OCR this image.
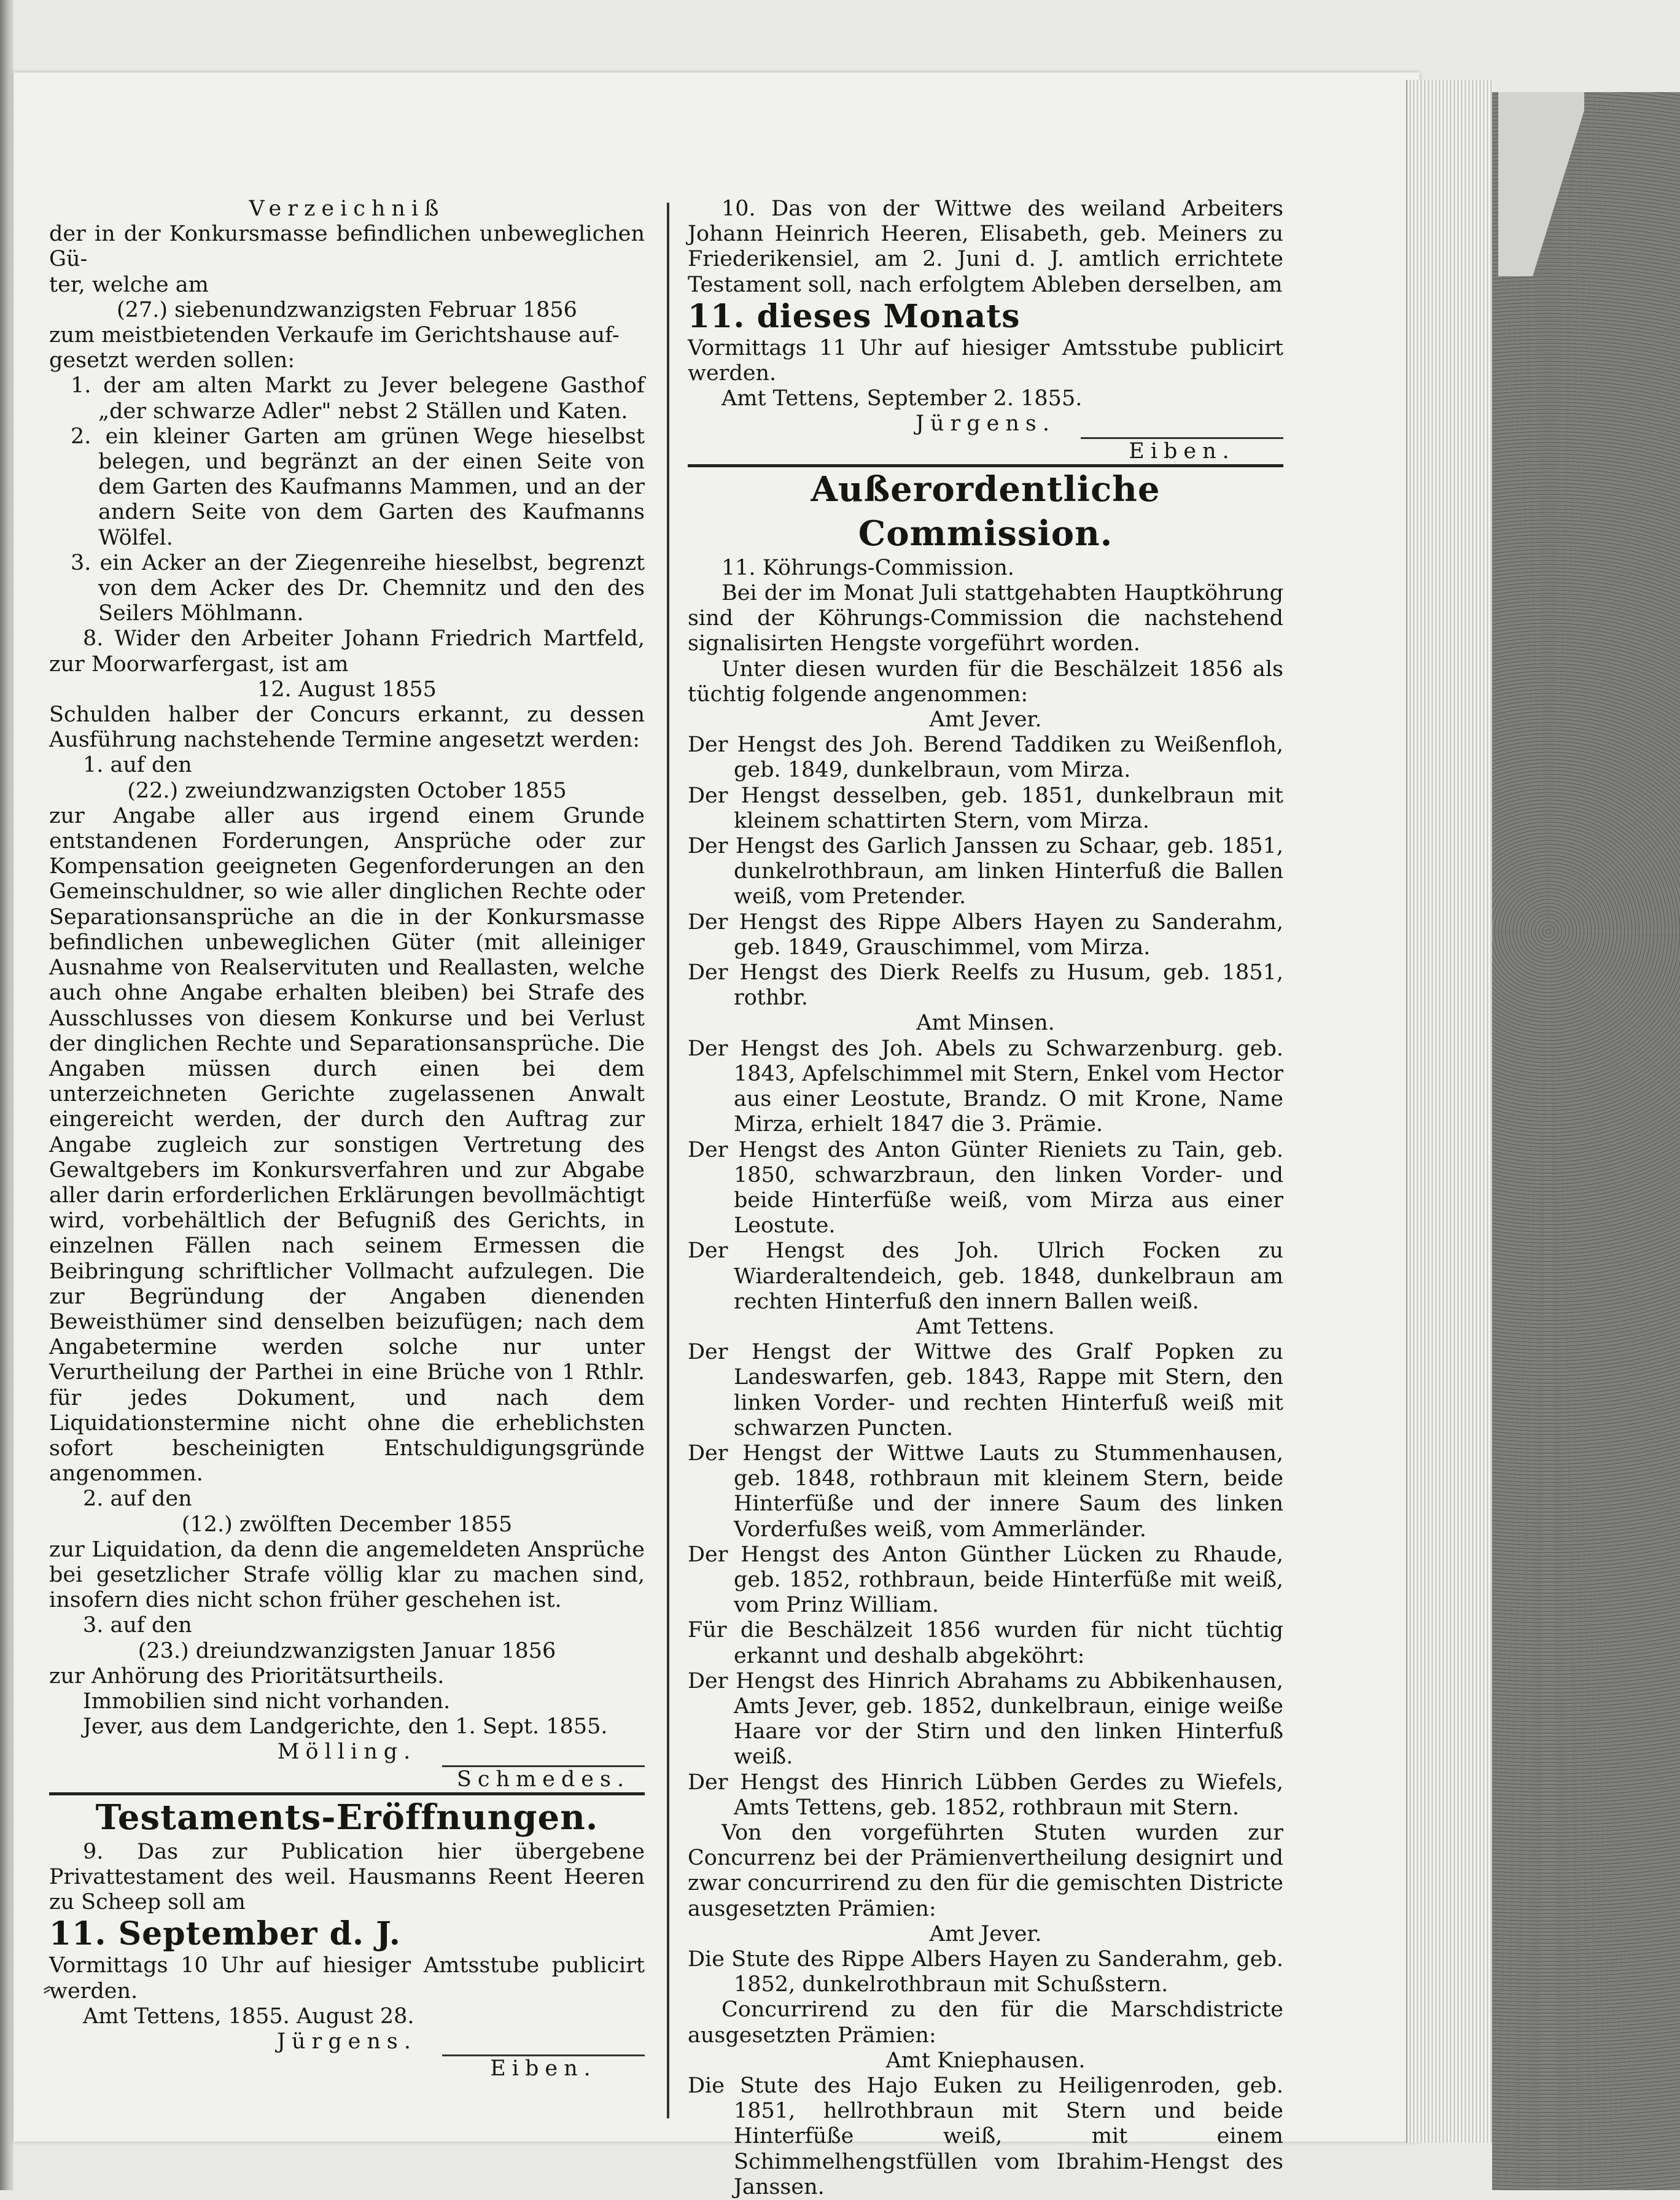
⸗

Verzeichniß

der in der Konkursmasse befindlichen unbeweglichen Gü-

ter, welche am

(27.) siebenundzwanzigsten Februar 1856

zum meistbietenden Verkaufe im Gerichtshause auf-

gesetzt werden sollen:

1. der am alten Markt zu Jever belegene Gasthof „der schwarze Adler" nebst 2 Ställen und Katen.

2. ein kleiner Garten am grünen Wege hieselbst belegen, und begränzt an der einen Seite von dem Garten des Kaufmanns Mammen, und an der andern Seite von dem Garten des Kaufmanns Wölfel.

3. ein Acker an der Ziegenreihe hieselbst, begrenzt von dem Acker des Dr. Chemnitz und den des Seilers Möhlmann.

8. Wider den Arbeiter Johann Friedrich Martfeld, zur Moorwarfergast, ist am

12. August 1855

Schulden halber der Concurs erkannt, zu dessen Ausführung nachstehende Termine angesetzt werden:

1. auf den

(22.) zweiundzwanzigsten October 1855

zur Angabe aller aus irgend einem Grunde entstandenen Forderungen, Ansprüche oder zur Kompensation geeigneten Gegenforderungen an den Gemeinschuldner, so wie aller dinglichen Rechte oder Separationsansprüche an die in der Konkursmasse befindlichen unbeweglichen Güter (mit alleiniger Ausnahme von Realservituten und Reallasten, welche auch ohne Angabe erhalten bleiben) bei Strafe des Ausschlusses von diesem Konkurse und bei Verlust der dinglichen Rechte und Separationsansprüche. Die Angaben müssen durch einen bei dem unterzeichneten Gerichte zugelassenen Anwalt eingereicht werden, der durch den Auftrag zur Angabe zugleich zur sonstigen Vertretung des Gewaltgebers im Konkursverfahren und zur Abgabe aller darin erforderlichen Erklärungen bevollmächtigt wird, vorbehältlich der Befugniß des Gerichts, in einzelnen Fällen nach seinem Ermessen die Beibringung schriftlicher Vollmacht aufzulegen. Die zur Begründung der Angaben dienenden Beweisthümer sind denselben beizufügen; nach dem Angabetermine werden solche nur unter Verurtheilung der Parthei in eine Brüche von 1 Rthlr. für jedes Dokument, und nach dem Liquidationstermine nicht ohne die erheblichsten sofort bescheinigten Entschuldigungsgründe angenommen.

2. auf den

(12.) zwölften December 1855

zur Liquidation, da denn die angemeldeten Ansprüche bei gesetzlicher Strafe völlig klar zu machen sind, insofern dies nicht schon früher geschehen ist.

3. auf den

(23.) dreiundzwanzigsten Januar 1856

zur Anhörung des Prioritätsurtheils.

Immobilien sind nicht vorhanden.

Jever, aus dem Landgerichte, den 1. Sept. 1855.

Mölling.

Schmedes.

Testaments-Eröffnungen.

9. Das zur Publication hier übergebene Privattestament des weil. Hausmanns Reent Heeren zu Scheep soll am

11. September d. J.

Vormittags 10 Uhr auf hiesiger Amtsstube publicirt werden.

Amt Tettens, 1855. August 28.

Jürgens.

Eiben.

10. Das von der Wittwe des weiland Arbeiters Johann Heinrich Heeren, Elisabeth, geb. Meiners zu Friederikensiel, am 2. Juni d. J. amtlich errichtete Testament soll, nach erfolgtem Ableben derselben, am

11. dieses Monats

Vormittags 11 Uhr auf hiesiger Amtsstube publicirt werden.

Amt Tettens, September 2. 1855.

Jürgens.

Eiben.

Außerordentliche Commission.

11. Köhrungs-Commission.

Bei der im Monat Juli stattgehabten Hauptköhrung sind der Köhrungs-Commission die nachstehend signalisirten Hengste vorgeführt worden.

Unter diesen wurden für die Beschälzeit 1856 als tüchtig folgende angenommen:

Amt Jever.

Der Hengst des Joh. Berend Taddiken zu Weißenfloh, geb. 1849, dunkelbraun, vom Mirza.

Der Hengst desselben, geb. 1851, dunkelbraun mit kleinem schattirten Stern, vom Mirza.

Der Hengst des Garlich Janssen zu Schaar, geb. 1851, dunkelrothbraun, am linken Hinterfuß die Ballen weiß, vom Pretender.

Der Hengst des Rippe Albers Hayen zu Sanderahm, geb. 1849, Grauschimmel, vom Mirza.

Der Hengst des Dierk Reelfs zu Husum, geb. 1851, rothbr.

Amt Minsen.

Der Hengst des Joh. Abels zu Schwarzenburg. geb. 1843, Apfelschimmel mit Stern, Enkel vom Hector aus einer Leostute, Brandz. O mit Krone, Name Mirza, erhielt 1847 die 3. Prämie.

Der Hengst des Anton Günter Rieniets zu Tain, geb. 1850, schwarzbraun, den linken Vorder- und beide Hinterfüße weiß, vom Mirza aus einer Leostute.

Der Hengst des Joh. Ulrich Focken zu Wiarderaltendeich, geb. 1848, dunkelbraun am rechten Hinterfuß den innern Ballen weiß.

Amt Tettens.

Der Hengst der Wittwe des Gralf Popken zu Landeswarfen, geb. 1843, Rappe mit Stern, den linken Vorder- und rechten Hinterfuß weiß mit schwarzen Puncten.

Der Hengst der Wittwe Lauts zu Stummenhausen, geb. 1848, rothbraun mit kleinem Stern, beide Hinterfüße und der innere Saum des linken Vorderfußes weiß, vom Ammerländer.

Der Hengst des Anton Günther Lücken zu Rhaude, geb. 1852, rothbraun, beide Hinterfüße mit weiß, vom Prinz William.

Für die Beschälzeit 1856 wurden für nicht tüchtig erkannt und deshalb abgeköhrt:

Der Hengst des Hinrich Abrahams zu Abbikenhausen, Amts Jever, geb. 1852, dunkelbraun, einige weiße Haare vor der Stirn und den linken Hinterfuß weiß.

Der Hengst des Hinrich Lübben Gerdes zu Wiefels, Amts Tettens, geb. 1852, rothbraun mit Stern.

Von den vorgeführten Stuten wurden zur Concurrenz bei der Prämienvertheilung designirt und zwar concurrirend zu den für die gemischten Districte ausgesetzten Prämien:

Amt Jever.

Die Stute des Rippe Albers Hayen zu Sanderahm, geb. 1852, dunkelrothbraun mit Schußstern.

Concurrirend zu den für die Marschdistricte ausgesetzten Prämien:

Amt Kniephausen.

Die Stute des Hajo Euken zu Heiligenroden, geb. 1851, hellrothbraun mit Stern und beide Hinterfüße weiß, mit einem Schimmelhengstfüllen vom Ibrahim-Hengst des Janssen.
